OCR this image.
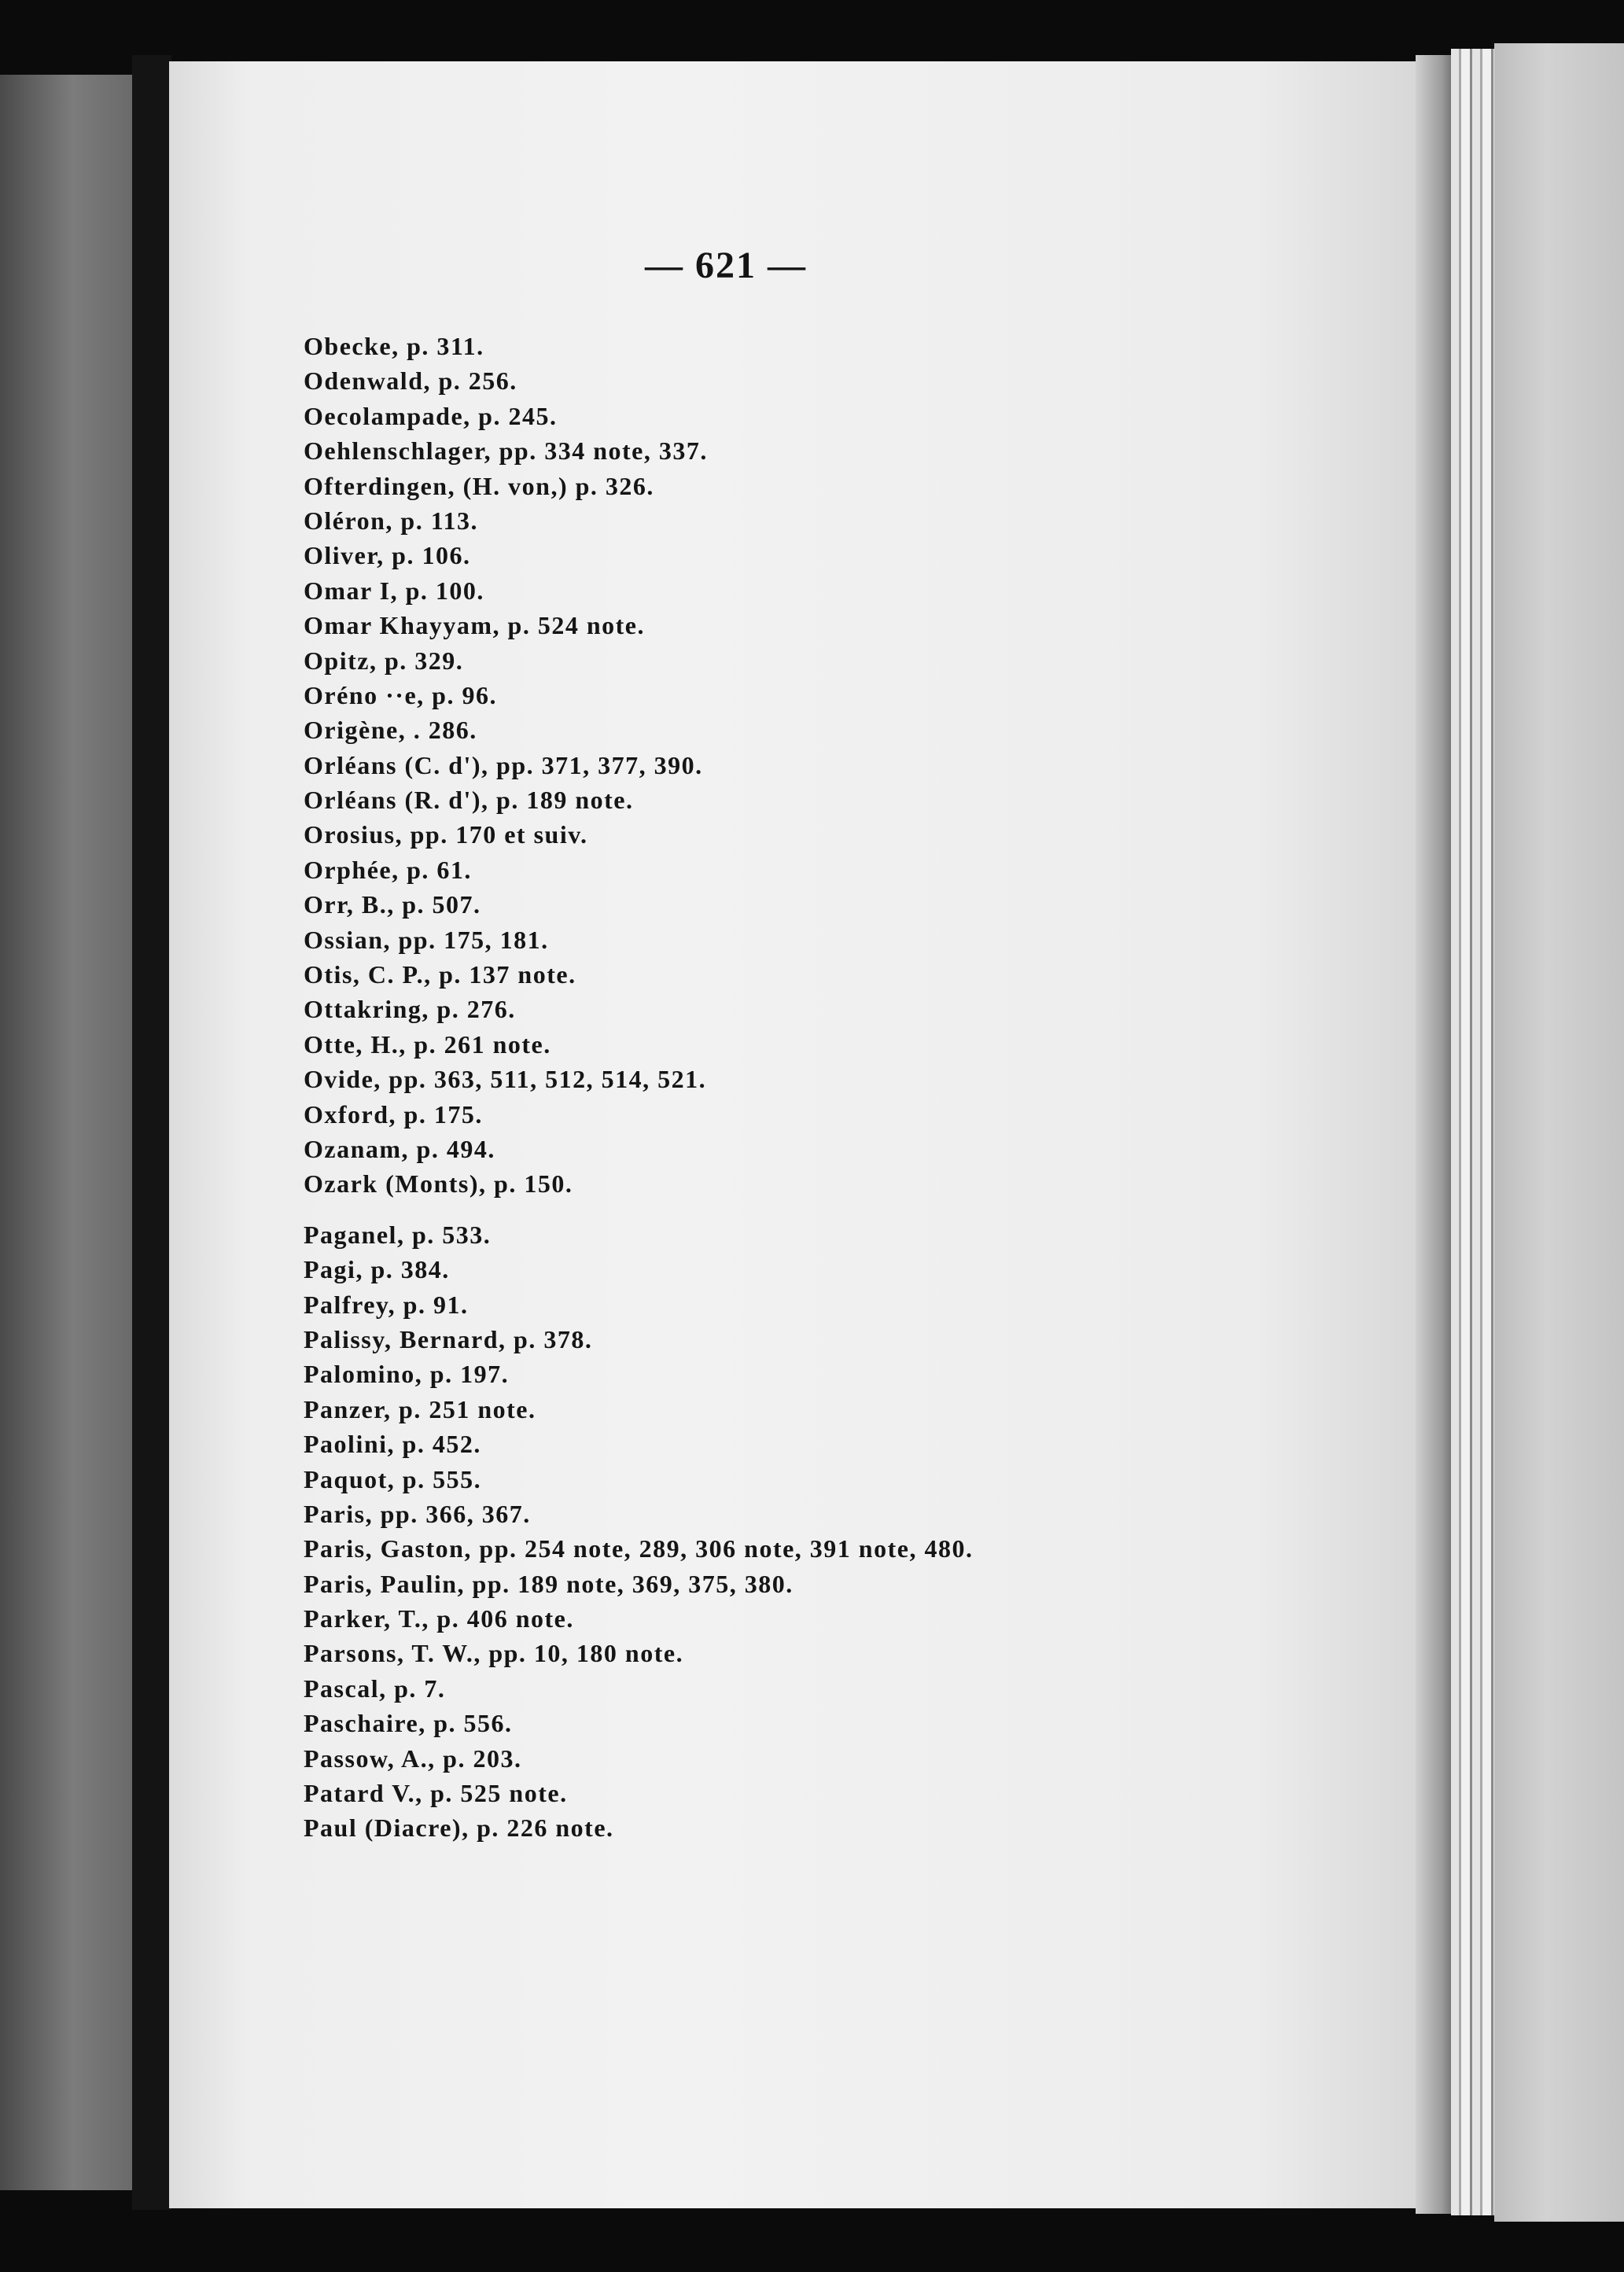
— 621 —
Obecke, p. 311.
Odenwald, p. 256.
Oecolampade, p. 245.
Oehlenschlager, pp. 334 note, 337.
Ofterdingen, (H. von,) p. 326.
Oléron, p. 113.
Oliver, p. 106.
Omar I, p. 100.
Omar Khayyam, p. 524 note.
Opitz, p. 329.
Oréno ··e, p. 96.
Origène, . 286.
Orléans (C. d'), pp. 371, 377, 390.
Orléans (R. d'), p. 189 note.
Orosius, pp. 170 et suiv.
Orphée, p. 61.
Orr, B., p. 507.
Ossian, pp. 175, 181.
Otis, C. P., p. 137 note.
Ottakring, p. 276.
Otte, H., p. 261 note.
Ovide, pp. 363, 511, 512, 514, 521.
Oxford, p. 175.
Ozanam, p. 494.
Ozark (Monts), p. 150.
Paganel, p. 533.
Pagi, p. 384.
Palfrey, p. 91.
Palissy, Bernard, p. 378.
Palomino, p. 197.
Panzer, p. 251 note.
Paolini, p. 452.
Paquot, p. 555.
Paris, pp. 366, 367.
Paris, Gaston, pp. 254 note, 289, 306 note, 391 note, 480.
Paris, Paulin, pp. 189 note, 369, 375, 380.
Parker, T., p. 406 note.
Parsons, T. W., pp. 10, 180 note.
Pascal, p. 7.
Paschaire, p. 556.
Passow, A., p. 203.
Patard V., p. 525 note.
Paul (Diacre), p. 226 note.
